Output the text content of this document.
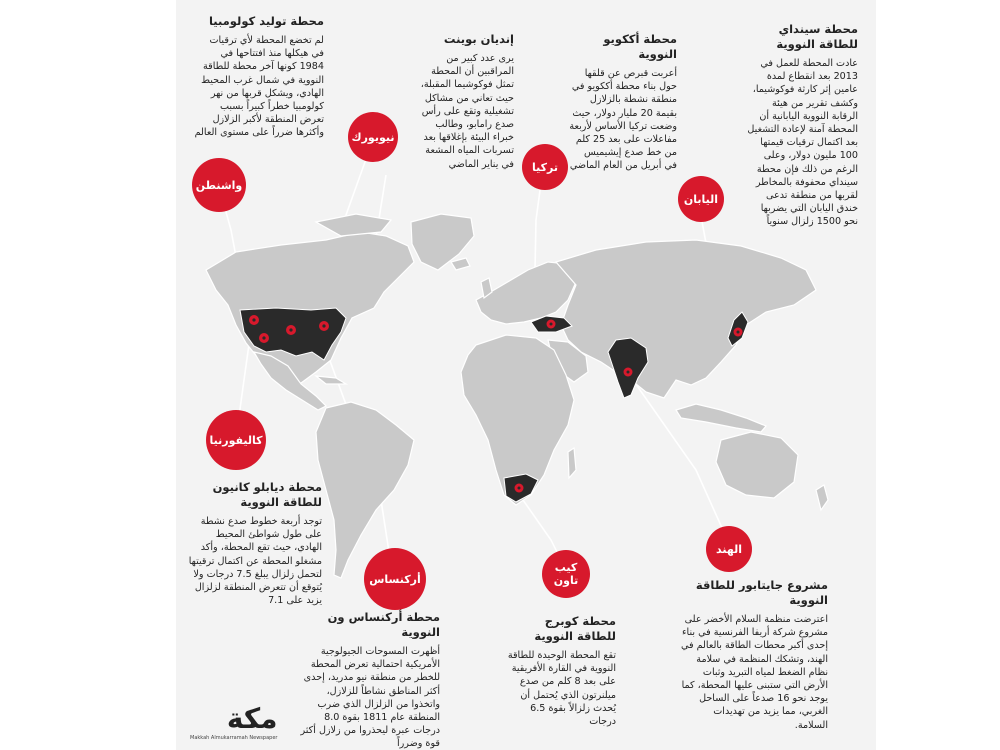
نيويورك
واشنطن
تركيا
اليابان
كاليفورنيا
أركنساس
كيب تاون
الهند
محطة توليد كولومبيا
لم تخضع المحطة لأي ترقيات في هيكلها منذ افتتاحها في 1984 كونها آخر محطة للطاقة النووية في شمال غرب المحيط الهادي، ويشكل قربها من نهر كولومبيا خطراً كبيراً بسبب تعرض المنطقة لأكبر الزلازل وأكثرها ضرراً على مستوى العالم
إنديان بوينت
يرى عدد كبير من المراقبين أن المحطة تمثل فوكوشيما المقبلة، حيث تعاني من مشاكل تشغيلية وتقع على رأس صدع رامابو، وطالب خبراء البيئة بإغلاقها بعد تسربات المياه المشعة في يناير الماضي
محطة أككويو النووية
أعربت قبرص عن قلقها حول بناء محطة أككويو في منطقة نشطة بالزلازل بقيمة 20 مليار دولار، حيث وضعت تركيا الأساس لأربعة مفاعلات على بعد 25 كلم من خط صدع إيشيميس في أبريل من العام الماضي
محطة سينداي للطاقة النووية
عادت المحطة للعمل في 2013 بعد انقطاع لمدة عامين إثر كارثة فوكوشيما، وكشف تقرير من هيئة الرقابة النووية اليابانية أن المحطة آمنة لإعادة التشغيل بعد اكتمال ترقيات قيمتها 100 مليون دولار، وعلى الرغم من ذلك فإن محطة سينداي محفوفة بالمخاطر لقربها من منطقة تدعى خندق اليابان التي يضربها نحو 1500 زلزال سنوياً
محطة ديابلو كانيون للطاقة النووية
توجد أربعة خطوط صدع نشطة على طول شواطئ المحيط الهادي، حيث تقع المحطة، وأكد مشغلو المحطة عن اكتمال ترقيتها لتحمل زلزال يبلغ 7.5 درجات ولا يُتوقع أن تتعرض المنطقة لزلزال يزيد على 7.1
محطة أركنساس ون النووية
أظهرت المسوحات الجيولوجية الأمريكية احتمالية تعرض المحطة للخطر من منطقة نيو مدريد، إحدى أكثر المناطق نشاطاً للزلازل، واتخذوا من الزلزال الذي ضرب المنطقة عام 1811 بقوة 8.0 درجات عبرة ليحذروا من زلازل أكثر قوة وضرراً
محطة كوبرج للطاقة النووية
تقع المحطة الوحيدة للطاقة النووية في القارة الأفريقية على بعد 8 كلم من صدع ميلنرتون الذي يُحتمل أن يُحدث زلزالاً بقوة 6.5 درجات
مشروع جايتابور للطاقة النووية
اعترضت منظمة السلام الأخضر على مشروع شركة أريفا الفرنسية في بناء إحدى أكبر محطات الطاقة بالعالم في الهند، وتشكك المنظمة في سلامة نظام الضغط لمياه التبريد وثبات الأرض التي ستبنى عليها المحطة، كما يوجد نحو 16 صدعاً على الساحل الغربي، مما يزيد من تهديدات السلامة.
مكة
Makkah Almukarramah Newspaper
